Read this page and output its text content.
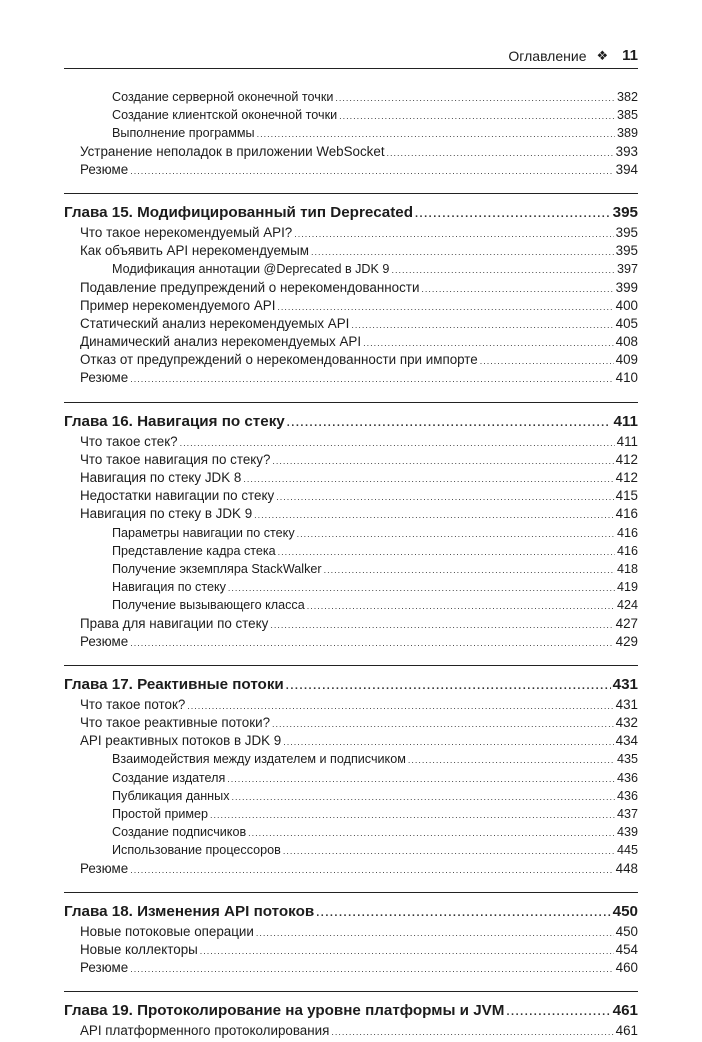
Оглавление ❖ 11
Создание серверной оконечной точки .....	382
Создание клиентской оконечной точки .....	385
Выполнение программы .....	389
Устранение неполадок в приложении WebSocket .....	393
Резюме .....	394
Глава 15. Модифицированный тип Deprecated .....	395
Что такое нерекомендуемый API? .....	395
Как объявить API нерекомендуемым .....	395
Модификация аннотации @Deprecated в JDK 9 .....	397
Подавление предупреждений о нерекомендованности .....	399
Пример нерекомендуемого API .....	400
Статический анализ нерекомендуемых API .....	405
Динамический анализ нерекомендуемых API .....	408
Отказ от предупреждений о нерекомендованности при импорте .....	409
Резюме .....	410
Глава 16. Навигация по стеку .....	411
Что такое стек? .....	411
Что такое навигация по стеку? .....	412
Навигация по стеку JDK 8 .....	412
Недостатки навигации по стеку .....	415
Навигация по стеку в JDK 9 .....	416
Параметры навигации по стеку .....	416
Представление кадра стека .....	416
Получение экземпляра StackWalker .....	418
Навигация по стеку .....	419
Получение вызывающего класса .....	424
Права для навигации по стеку .....	427
Резюме .....	429
Глава 17. Реактивные потоки .....	431
Что такое поток? .....	431
Что такое реактивные потоки? .....	432
API реактивных потоков в JDK 9 .....	434
Взаимодействия между издателем и подписчиком .....	435
Создание издателя .....	436
Публикация данных .....	436
Простой пример .....	437
Создание подписчиков .....	439
Использование процессоров .....	445
Резюме .....	448
Глава 18. Изменения API потоков .....	450
Новые потоковые операции .....	450
Новые коллекторы .....	454
Резюме .....	460
Глава 19. Протоколирование на уровне платформы и JVM .....	461
API платформенного протоколирования .....	461
